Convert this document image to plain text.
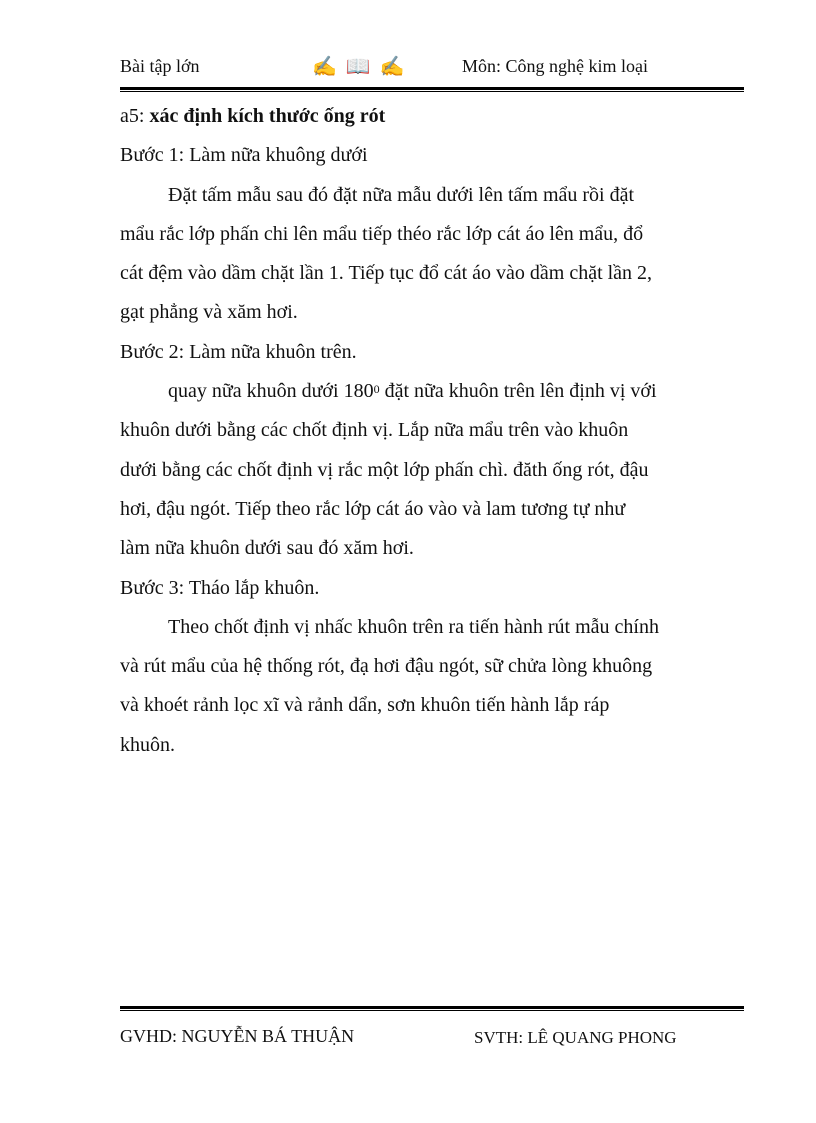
Bài tập lớn	✍ 📖 ✍	Môn: Công nghệ kim loại
a5: xác định kích thước ống rót
Bước 1: Làm nữa khuông dưới
Đặt tấm mẫu sau đó đặt nữa mẫu dưới lên tấm mẩu rồi đặt
mẩu rắc lớp phấn chi lên mẩu tiếp théo rắc lớp cát áo lên mẩu, đổ
cát đệm vào dầm chặt lần 1. Tiếp tục đổ cát áo vào dầm chặt lần 2,
gạt phẳng và xăm hơi.
Bước 2: Làm nữa khuôn trên.
quay nữa khuôn dưới $180^0$ đặt nữa khuôn trên lên định vị với
khuôn dưới bằng các chốt định vị. Lắp nữa mẩu trên vào khuôn
dưới bằng các chốt định vị rắc một lớp phấn chì. đăth ống rót, đậu
hơi, đậu ngót. Tiếp theo rắc lớp cát áo vào và lam tương tự như
làm nữa khuôn dưới sau đó xăm hơi.
Bước 3: Tháo lắp khuôn.
Theo chốt định vị nhấc khuôn trên ra tiến hành rút mẫu chính
và rút mẩu của hệ thống rót, đạ hơi đậu ngót, sữ chửa lòng khuông
và khoét rảnh lọc xĩ và rảnh dẩn, sơn khuôn tiến hành lắp ráp
khuôn.
GVHD: NGUYỄN BÁ THUẬN	SVTH: LÊ QUANG PHONG
